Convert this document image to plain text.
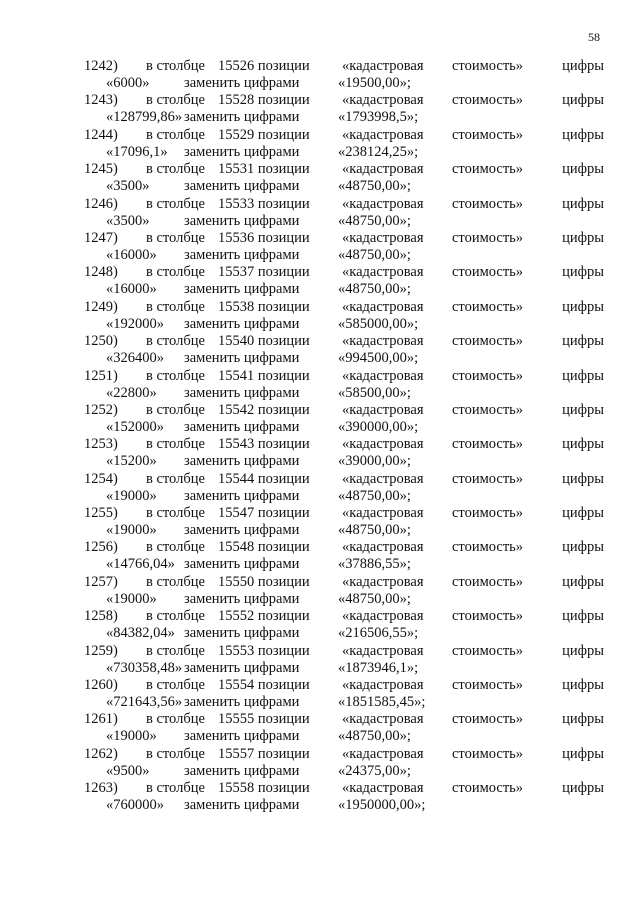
58
1242) в столбце 15526 позиции «кадастровая стоимость»	цифры
«6000» заменить цифрами	«19500,00»;
1243) в столбце 15528 позиции «кадастровая стоимость»	цифры
«128799,86» заменить цифрами	«1793998,5»;
1244) в столбце 15529 позиции «кадастровая стоимость»	цифры
«17096,1» заменить цифрами	«238124,25»;
1245) в столбце 15531 позиции «кадастровая стоимость»	цифры
«3500» заменить цифрами	«48750,00»;
1246) в столбце 15533 позиции «кадастровая стоимость»	цифры
«3500» заменить цифрами	«48750,00»;
1247) в столбце 15536 позиции «кадастровая стоимость»	цифры
«16000» заменить цифрами	«48750,00»;
1248) в столбце 15537 позиции «кадастровая стоимость»	цифры
«16000» заменить цифрами	«48750,00»;
1249) в столбце 15538 позиции «кадастровая стоимость»	цифры
«192000» заменить цифрами	«585000,00»;
1250) в столбце 15540 позиции «кадастровая стоимость»	цифры
«326400» заменить цифрами	«994500,00»;
1251) в столбце 15541 позиции «кадастровая стоимость»	цифры
«22800» заменить цифрами	«58500,00»;
1252) в столбце 15542 позиции «кадастровая стоимость»	цифры
«152000» заменить цифрами	«390000,00»;
1253) в столбце 15543 позиции «кадастровая стоимость»	цифры
«15200» заменить цифрами	«39000,00»;
1254) в столбце 15544 позиции «кадастровая стоимость»	цифры
«19000» заменить цифрами	«48750,00»;
1255) в столбце 15547 позиции «кадастровая стоимость»	цифры
«19000» заменить цифрами	«48750,00»;
1256) в столбце 15548 позиции «кадастровая стоимость»	цифры
«14766,04» заменить цифрами	«37886,55»;
1257) в столбце 15550 позиции «кадастровая стоимость»	цифры
«19000» заменить цифрами	«48750,00»;
1258) в столбце 15552 позиции «кадастровая стоимость»	цифры
«84382,04» заменить цифрами	«216506,55»;
1259) в столбце 15553 позиции «кадастровая стоимость»	цифры
«730358,48» заменить цифрами	«1873946,1»;
1260) в столбце 15554 позиции «кадастровая стоимость»	цифры
«721643,56» заменить цифрами	«1851585,45»;
1261) в столбце 15555 позиции «кадастровая стоимость»	цифры
«19000» заменить цифрами	«48750,00»;
1262) в столбце 15557 позиции «кадастровая стоимость»	цифры
«9500» заменить цифрами	«24375,00»;
1263) в столбце 15558 позиции «кадастровая стоимость»	цифры
«760000» заменить цифрами	«1950000,00»;
